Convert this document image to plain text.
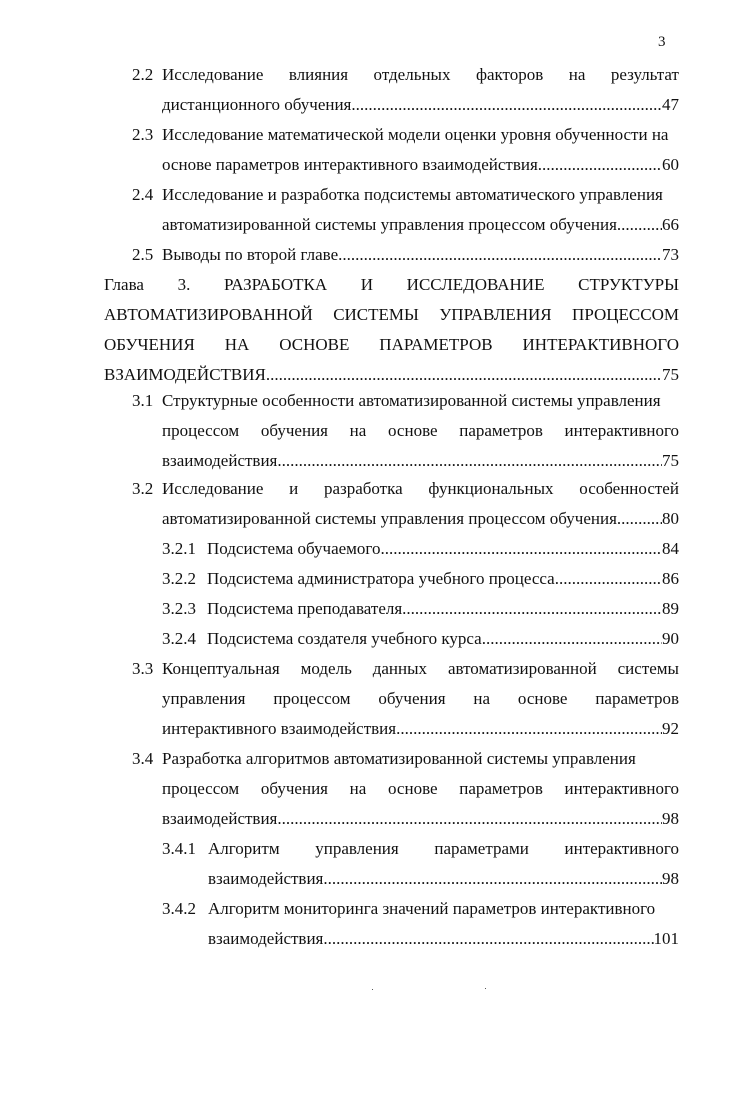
3
2.2 Исследование влияния отдельных факторов на результат
дистанционного обучения .....	47
2.3 Исследование математической модели оценки уровня обученности на
основе параметров интерактивного взаимодействия .....	60
2.4 Исследование и разработка подсистемы автоматического управления
автоматизированной системы управления процессом обучения .....	66
2.5 Выводы по второй главе .....	73
Глава 3. РАЗРАБОТКА И ИССЛЕДОВАНИЕ СТРУКТУРЫ
АВТОМАТИЗИРОВАННОЙ СИСТЕМЫ УПРАВЛЕНИЯ ПРОЦЕССОМ
ОБУЧЕНИЯ НА ОСНОВЕ ПАРАМЕТРОВ ИНТЕРАКТИВНОГО
ВЗАИМОДЕЙСТВИЯ .....	75
3.1 Структурные особенности автоматизированной системы управления
процессом обучения на основе параметров интерактивного
взаимодействия .....	75
3.2 Исследование и разработка функциональных особенностей
автоматизированной системы управления процессом обучения .....	80
3.2.1 Подсистема обучаемого .....	84
3.2.2 Подсистема администратора учебного процесса .....	86
3.2.3 Подсистема преподавателя .....	89
3.2.4 Подсистема создателя учебного курса .....	90
3.3 Концептуальная модель данных автоматизированной системы
управления процессом обучения на основе параметров
интерактивного взаимодействия .....	92
3.4 Разработка алгоритмов автоматизированной системы управления
процессом обучения на основе параметров интерактивного
взаимодействия .....	98
3.4.1 Алгоритм управления параметрами интерактивного
взаимодействия .....	98
3.4.2 Алгоритм мониторинга значений параметров интерактивного
взаимодействия .....	101
